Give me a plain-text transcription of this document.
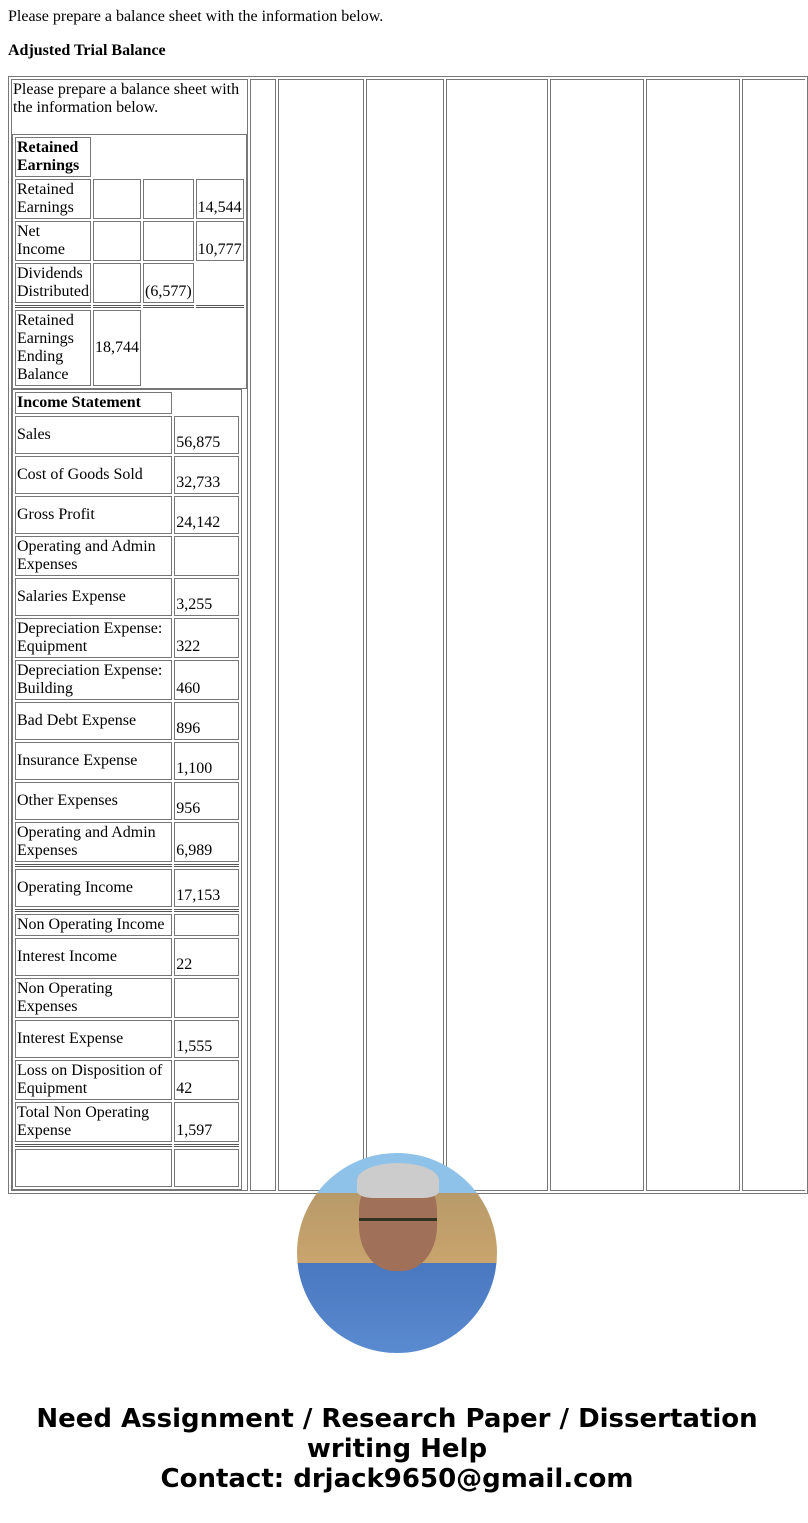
Please prepare a balance sheet with the information below.

Adjusted Trial Balance

Please prepare a balance sheet with the information below.
Retained Earnings
Retained Earnings			14,544
Net Income			10,777
Dividends Distributed		(6,577)	

Retained Earnings Ending Balance	18,744
Income Statement
Sales	56,875
Cost of Goods Sold	32,733
Gross Profit	24,142
Operating and Admin Expenses	
Salaries Expense	3,255
Depreciation Expense: Equipment	322
Depreciation Expense: Building	460
Bad Debt Expense	896
Insurance Expense	1,100
Other Expenses	956
Operating and Admin Expenses	6,989

Operating Income	17,153

Non Operating Income	
Interest Income	22
Non Operating Expenses	
Interest Expense	1,555
Loss on Disposition of Equipment	42
Total Non Operating Expense	1,597

Need Assignment / Research Paper / Dissertation
writing Help
Contact: drjack9650@gmail.com
